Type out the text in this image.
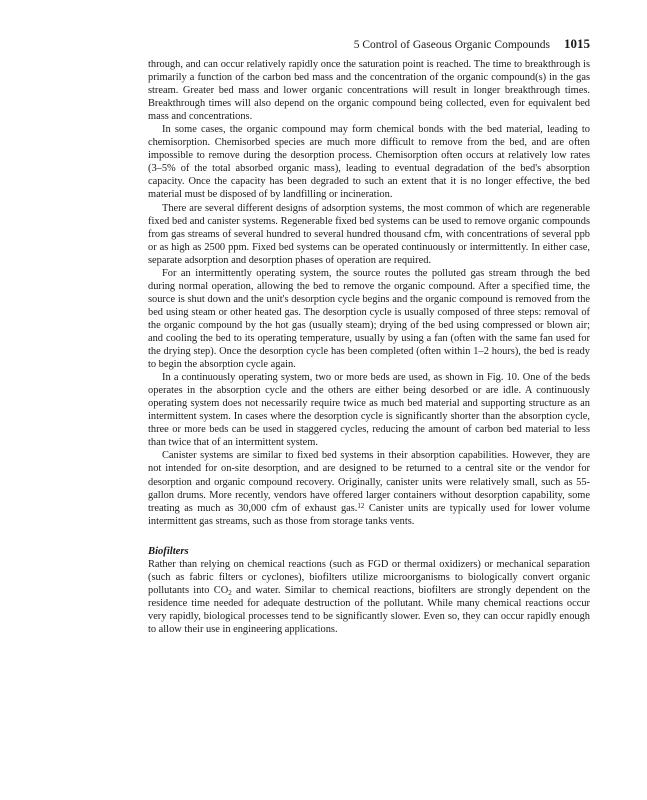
5 Control of Gaseous Organic Compounds 1015

through, and can occur relatively rapidly once the saturation point is reached. The time to breakthrough is primarily a function of the carbon bed mass and the concentration of the organic compound(s) in the gas stream. Greater bed mass and lower organic concentrations will result in longer breakthrough times. Breakthrough times will also depend on the organic compound being collected, even for equivalent bed mass and concentrations.

In some cases, the organic compound may form chemical bonds with the bed material, leading to chemisorption. Chemisorbed species are much more difficult to remove from the bed, and are often impossible to remove during the desorption process. Chemisorption often occurs at relatively low rates (3–5% of the total absorbed organic mass), leading to eventual degradation of the bed's absorption capacity. Once the capacity has been degraded to such an extent that it is no longer effective, the bed material must be disposed of by landfilling or incineration.

There are several different designs of adsorption systems, the most common of which are regenerable fixed bed and canister systems. Regenerable fixed bed systems can be used to remove organic compounds from gas streams of several hundred to several hundred thousand cfm, with concentrations of several ppb or as high as 2500 ppm. Fixed bed systems can be operated continuously or intermittently. In either case, separate adsorption and desorption phases of operation are required.

For an intermittently operating system, the source routes the polluted gas stream through the bed during normal operation, allowing the bed to remove the organic compound. After a specified time, the source is shut down and the unit's desorption cycle begins and the organic compound is removed from the bed using steam or other heated gas. The desorption cycle is usually composed of three steps: removal of the organic compound by the hot gas (usually steam); drying of the bed using compressed or blown air; and cooling the bed to its operating temperature, usually by using a fan (often with the same fan used for the drying step). Once the desorption cycle has been completed (often within 1–2 hours), the bed is ready to begin the absorption cycle again.

In a continuously operating system, two or more beds are used, as shown in Fig. 10. One of the beds operates in the absorption cycle and the others are either being desorbed or are idle. A continuously operating system does not necessarily require twice as much bed material and supporting structure as an intermittent system. In cases where the desorption cycle is significantly shorter than the absorption cycle, three or more beds can be used in staggered cycles, reducing the amount of carbon bed material to less than twice that of an intermittent system.

Canister systems are similar to fixed bed systems in their absorption capabilities. However, they are not intended for on-site desorption, and are designed to be returned to a central site or the vendor for desorption and organic compound recovery. Originally, canister units were relatively small, such as 55-gallon drums. More recently, vendors have offered larger containers without desorption capability, some treating as much as 30,000 cfm of exhaust gas.$^{12}$ Canister units are typically used for lower volume intermittent gas streams, such as those from storage tanks vents.

Biofilters

Rather than relying on chemical reactions (such as FGD or thermal oxidizers) or mechanical separation (such as fabric filters or cyclones), biofilters utilize microorganisms to biologically convert organic pollutants into $CO_2$ and water. Similar to chemical reactions, biofilters are strongly dependent on the residence time needed for adequate destruction of the pollutant. While many chemical reactions occur very rapidly, biological processes tend to be significantly slower. Even so, they can occur rapidly enough to allow their use in engineering applications.
